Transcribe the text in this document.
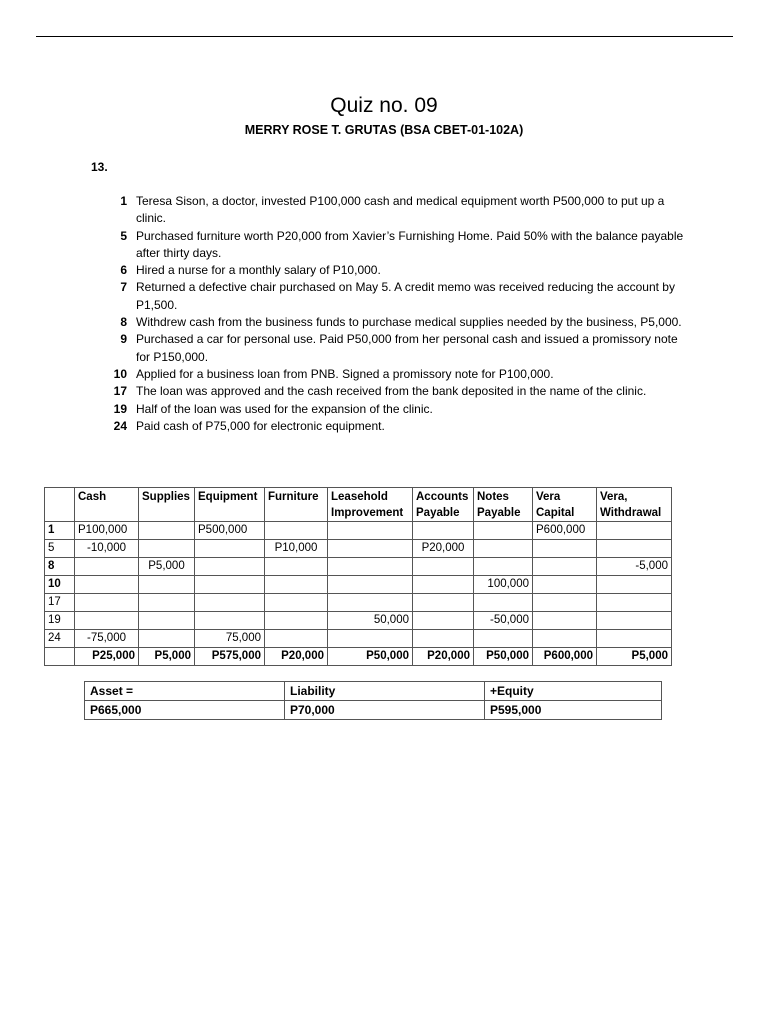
Quiz no. 09
MERRY ROSE T. GRUTAS (BSA CBET-01-102A)
13.
1 Teresa Sison, a doctor, invested P100,000 cash and medical equipment worth P500,000 to put up a clinic.
5 Purchased furniture worth P20,000 from Xavier’s Furnishing Home. Paid 50% with the balance payable after thirty days.
6 Hired a nurse for a monthly salary of P10,000.
7 Returned a defective chair purchased on May 5. A credit memo was received reducing the account by P1,500.
8 Withdrew cash from the business funds to purchase medical supplies needed by the business, P5,000.
9 Purchased a car for personal use. Paid P50,000 from her personal cash and issued a promissory note for P150,000.
10 Applied for a business loan from PNB. Signed a promissory note for P100,000.
17 The loan was approved and the cash received from the bank deposited in the name of the clinic.
19 Half of the loan was used for the expansion of the clinic.
24 Paid cash of P75,000 for electronic equipment.
	Cash	Supplies	Equipment	Furniture	Leasehold Improvement	Accounts Payable	Notes Payable	Vera Capital	Vera, Withdrawal
1	P100,000		P500,000					P600,000	
5	-10,000			P10,000		P20,000			
8		P5,000							-5,000
10							100,000		
17									
19					50,000		-50,000		
24	-75,000		75,000						
	P25,000	P5,000	P575,000	P20,000	P50,000	P20,000	P50,000	P600,000	P5,000
Asset =	Liability	+Equity
P665,000	P70,000	P595,000
